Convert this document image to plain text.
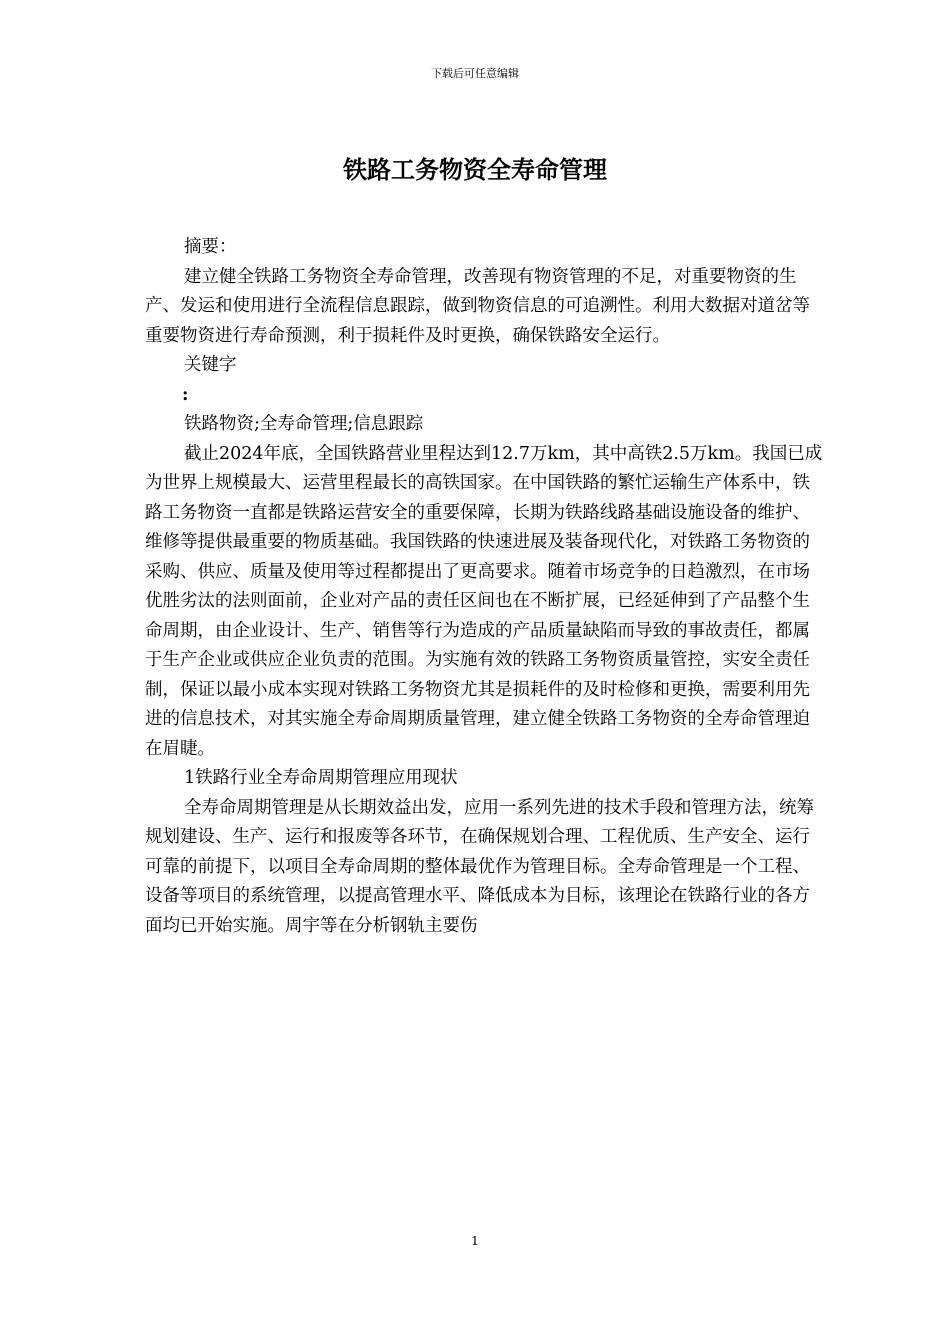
下载后可任意编辑
铁路工务物资全寿命管理

摘要：

建立健全铁路工务物资全寿命管理，改善现有物资管理的不足，对重要物资的生产、发运和使用进行全流程信息跟踪，做到物资信息的可追溯性。利用大数据对道岔等重要物资进行寿命预测，利于损耗件及时更换，确保铁路安全运行。

关键字

:

铁路物资;全寿命管理;信息跟踪

截止2024年底，全国铁路营业里程达到12.7万km，其中高铁2.5万km。我国已成为世界上规模最大、运营里程最长的高铁国家。在中国铁路的繁忙运输生产体系中，铁路工务物资一直都是铁路运营安全的重要保障，长期为铁路线路基础设施设备的维护、维修等提供最重要的物质基础。我国铁路的快速进展及装备现代化，对铁路工务物资的采购、供应、质量及使用等过程都提出了更高要求。随着市场竞争的日趋激烈，在市场优胜劣汰的法则面前，企业对产品的责任区间也在不断扩展，已经延伸到了产品整个生命周期，由企业设计、生产、销售等行为造成的产品质量缺陷而导致的事故责任，都属于生产企业或供应企业负责的范围。为实施有效的铁路工务物资质量管控，实安全责任制，保证以最小成本实现对铁路工务物资尤其是损耗件的及时检修和更换，需要利用先进的信息技术，对其实施全寿命周期质量管理，建立健全铁路工务物资的全寿命管理迫在眉睫。

1铁路行业全寿命周期管理应用现状

全寿命周期管理是从长期效益出发，应用一系列先进的技术手段和管理方法，统筹规划建设、生产、运行和报废等各环节，在确保规划合理、工程优质、生产安全、运行可靠的前提下，以项目全寿命周期的整体最优作为管理目标。全寿命管理是一个工程、设备等项目的系统管理，以提高管理水平、降低成本为目标，该理论在铁路行业的各方面均已开始实施。周宇等在分析钢轨主要伤

1
